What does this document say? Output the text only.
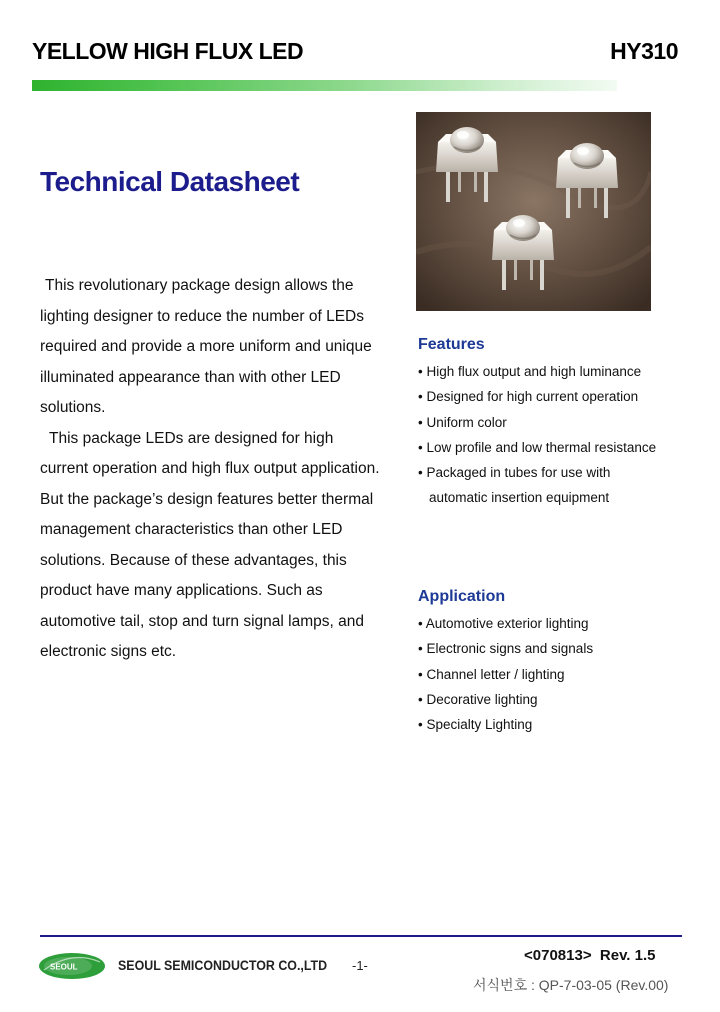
YELLOW HIGH FLUX LED	HY310
Technical Datasheet

This revolutionary package design allows the lighting designer to reduce the number of LEDs required and provide a more uniform and unique illuminated appearance than with other LED solutions.

This package LEDs are designed for high current operation and high flux output application. But the package’s design features better thermal management characteristics than other LED solutions. Because of these advantages, this product have many applications. Such as automotive tail, stop and turn signal lamps, and electronic signs etc.

Features
• High flux output and high luminance
• Designed for high current operation
• Uniform color
• Low profile and low thermal resistance
• Packaged in tubes for use with
automatic insertion equipment
Application
• Automotive exterior lighting
• Electronic signs and signals
• Channel letter / lighting
• Decorative lighting
• Specialty Lighting
SEOUL	SEOUL SEMICONDUCTOR CO.,LTD -1-
<070813>  Rev. 1.5
서식번호 : QP-7-03-05 (Rev.00)
